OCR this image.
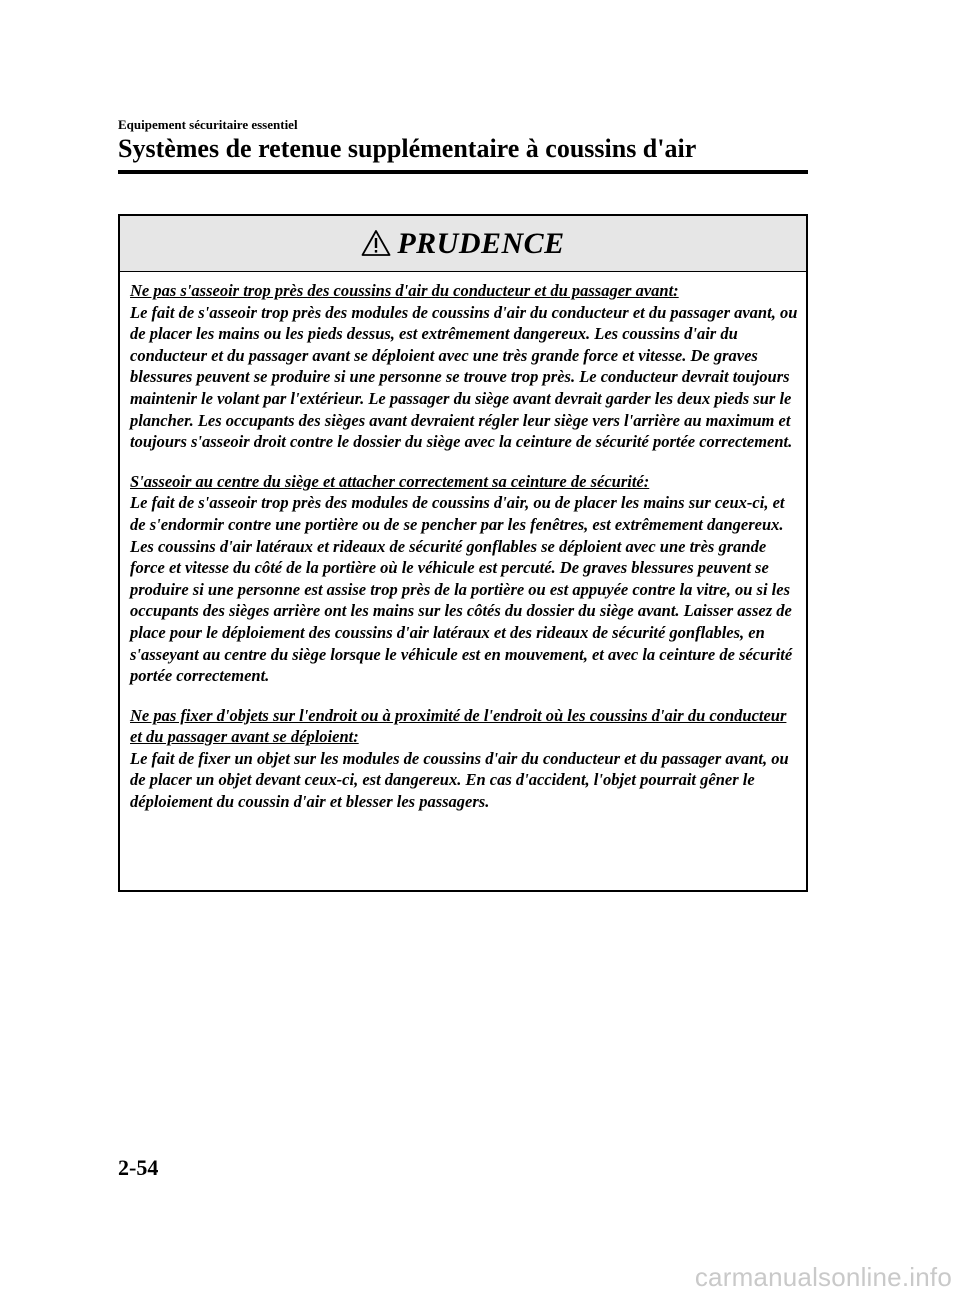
Equipement sécuritaire essentiel
Systèmes de retenue supplémentaire à coussins d'air
PRUDENCE

Ne pas s'asseoir trop près des coussins d'air du conducteur et du passager avant:
Le fait de s'asseoir trop près des modules de coussins d'air du conducteur et du passager avant, ou de placer les mains ou les pieds dessus, est extrêmement dangereux. Les coussins d'air du conducteur et du passager avant se déploient avec une très grande force et vitesse. De graves blessures peuvent se produire si une personne se trouve trop près. Le conducteur devrait toujours maintenir le volant par l'extérieur. Le passager du siège avant devrait garder les deux pieds sur le plancher. Les occupants des sièges avant devraient régler leur siège vers l'arrière au maximum et toujours s'asseoir droit contre le dossier du siège avec la ceinture de sécurité portée correctement.

S'asseoir au centre du siège et attacher correctement sa ceinture de sécurité:
Le fait de s'asseoir trop près des modules de coussins d'air, ou de placer les mains sur ceux-ci, et de s'endormir contre une portière ou de se pencher par les fenêtres, est extrêmement dangereux. Les coussins d'air latéraux et rideaux de sécurité gonflables se déploient avec une très grande force et vitesse du côté de la portière où le véhicule est percuté. De graves blessures peuvent se produire si une personne est assise trop près de la portière ou est appuyée contre la vitre, ou si les occupants des sièges arrière ont les mains sur les côtés du dossier du siège avant. Laisser assez de place pour le déploiement des coussins d'air latéraux et des rideaux de sécurité gonflables, en s'asseyant au centre du siège lorsque le véhicule est en mouvement, et avec la ceinture de sécurité portée correctement.

Ne pas fixer d'objets sur l'endroit ou à proximité de l'endroit où les coussins d'air du conducteur et du passager avant se déploient:
Le fait de fixer un objet sur les modules de coussins d'air du conducteur et du passager avant, ou de placer un objet devant ceux-ci, est dangereux. En cas d'accident, l'objet pourrait gêner le déploiement du coussin d'air et blesser les passagers.

2-54
carmanualsonline.info
